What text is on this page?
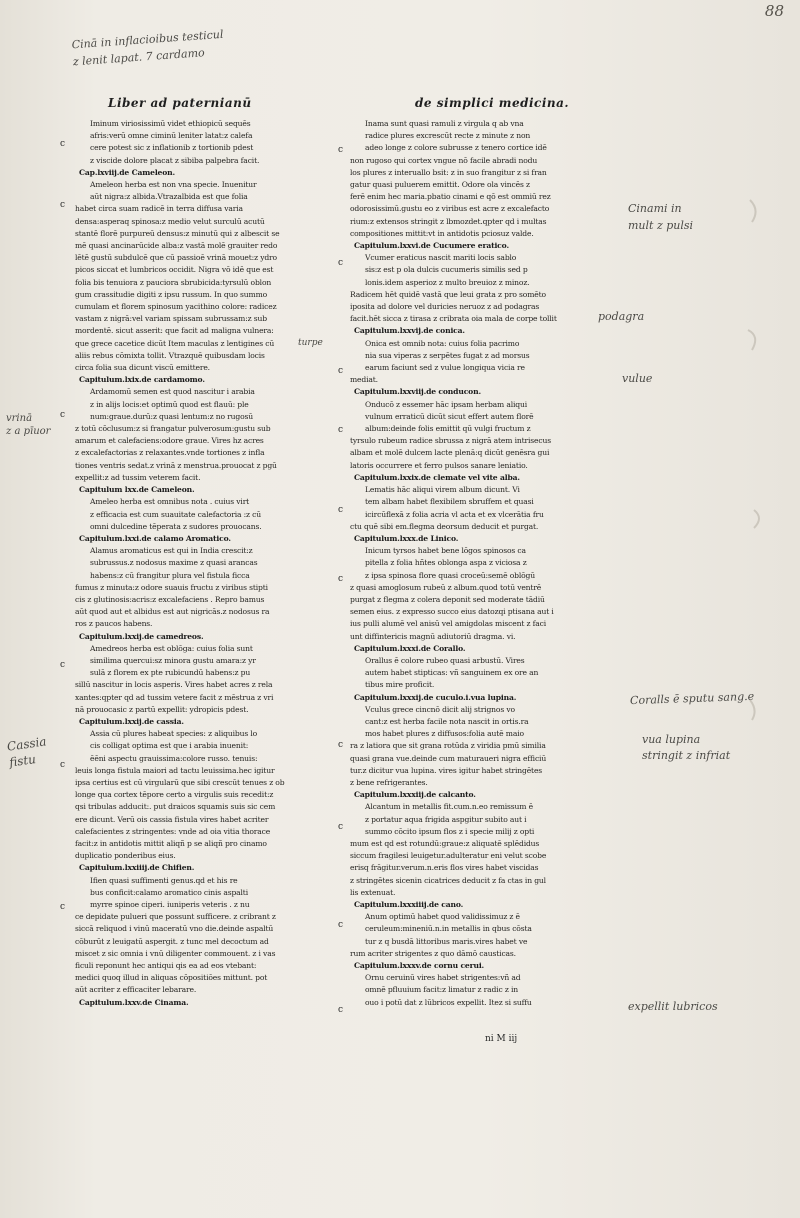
88
Cinā in inflacioibus testicul
z lenit lapat. 7 cardamo
Liber ad paternianū	de simplici medicina.
Iminum viriosissimū videt ethiopicū sequēs
afris:verū omne ciminū leniter latat:z calefa
cere potest sic z inflationib z tortionib pdest
z viscide dolore placat z sibiba palpebra facit.
Cap.lxviij.de Cameleon.
Ameleon herba est non vna specie. Inuenitur
aūt nigra:z albida.Vtrazalbida est que folia
habet circa suam radicē in terra diffusa varia
densa:asperaq spinosa:z medio velut surculū acutū
stantē florē purpureū densus:z minutū qui z albescit se
mē quasi ancinarūcide alba:z vastā molē grauiter redo
lētē gustū subdulcē que cū passioē vrinā mouet:z ydro
picos siccat et lumbricos occidit. Nigra vō idē que est
folia bis tenuiora z pauciora sbrubicida:tyrsulū oblon
gum crassitudie digiti z ipsu russum. In quo summo
cumulam et florem spinosum yacithino colore: radicez
vastam z nigrā:vel variam spissam subrussam:z sub
mordentē. sicut asserit: que facit ad maligna vulnera:
que grece cacetice dicūt Item maculas z lentigines cū
aliis rebus cōmixta tollit. Vtrazquē quibusdam locis
circa folia sua dicunt viscū emittere.
Capitulum.lxix.de cardamomo.
Ardamomū semen est quod nascitur i arabia
z in alijs locis:et optimū quod est flauū: ple
num:graue.durū:z quasi lentum:z no rugosū
z totū cōclusum:z si frangatur pulverosum:gustu sub
amarum et calefaciens:odore graue. Vires hz acres
z excalefactorias z relaxantes.vnde tortiones z infla
tiones ventris sedat.z vrinā z menstrua.prouocat z pgū
expellit:z ad tussim veterem facit.
Capitulum lxx.de Cameleon.
Ameleo herba est omnibus nota . cuius virt
z efficacia est cum suauitate calefactoria :z cū
omni dulcedine tēperata z sudores prouocans.
Capitulum.lxxi.de calamo Aromatico.
Alamus aromaticus est qui in India crescit:z
subrussus.z nodosus maxime z quasi arancas
habens:z cū frangitur plura vel fistula ficca
fumus z minuta:z odore suauis fructu z viribus stipti
cis z glutinosis:acris:z excalefaciens . Repro bamus
aūt quod aut et albidus est aut nigricās.z nodosus ra
ros z paucos habens.
Capitulum.lxxij.de camedreos.
Amedreos herba est oblōga: cuius folia sunt
similima quercui:sz minora gustu amara:z yr
sulā z florem ex pte rubicundū habens:z pu
sillū nascitur in locis asperis. Vires habet acres z rela
xantes:qpter qd ad tussim vetere facit z mēstrua z vri
nā prouocasic z partū expellit: ydropicis pdest.
Capitulum.lxxij.de cassia.
Assia cū plures habeat species: z aliquibus lo
cis colligat optima est que i arabia inuenit:
ēēni aspectu grauissima:colore russo. tenuis:
leuis longa fistula maiori ad tactu leuissima.hec igitur
ipsa certius est cū virgularū que sibi crescūt tenues z ob
longe qua cortex tēpore certo a virgulis suis recedit:z
qsi tribulas adducit:. put draicos squamis suis sic cem
ere dicunt. Verū ois cassia fistula vires habet acriter
calefacientes z stringentes: vnde ad oia vitia thorace
facit:z in antidotis mittit aliqñ p se aliqñ pro cinamo
duplicatio ponderibus eius.
Capitulum.lxxiiij.de Chifien.
Ifien quasi suffimenti genus.qd et his re
bus conficit:calamo aromatico cinis aspalti
myrre spinoe ciperi. iuniperis veteris . z nu
ce depidate pulueri que possunt sufficere. z cribrant z
siccā reliquod i vinū maceratū vno die.deinde aspaltū
cōburūt z leuigatū aspergit. z tunc mel decoctum ad
miscet z sic omnia i vnū diligenter commouent. z i vas
ficuli reponunt hec antiqui qis ea ad eos vtebant:
medici quoq illud in aliquas cōpositiōes mittunt. pot
aūt acriter z efficaciter lebarare.
Capitulum.lxxv.de Cinama.
Inama sunt quasi ramuli z virgula q ab vna
radice plures excrescūt recte z minute z non
adeo longe z colore subrusse z tenero cortice idē
non rugoso qui cortex vngue nō facile abradi nodu
los plures z interuallo bsit: z in suo frangitur z si fran
gatur quasi puluerem emittit. Odore ola vincēs z
ferē enim hec maria.pbatio cinami e qō est ommiū rez
odorosissimū.gustu eo z viribus est acre z excalefacto
rium:z extensos stringit z lbmozdet.qpter qd i multas
compositiones mittit:vt in antidotis pciosuz valde.
Capitulum.lxxvi.de Cucumere eratico.
Vcumer eraticus nascit mariti locis sablo
sis:z est p ola dulcis cucumeris similis sed p
lonis.idem asperioz z multo breuioz z minoz.
Radicem hēt quidē vastā que leui grata z pro somēto
iposita ad dolore vel duricies neruoz z ad podagras
facit.hēt sicca z tirasa z cribrata oia mala de corpe tollit
Capitulum.lxxvij.de conica.
Onica est omnib nota: cuius folia pacrimo
nia sua viperas z serpētes fugat z ad morsus
earum faciunt sed z vulue longiqua vicia re
mediat.
Capitulum.lxxviij.de conducon.
Onducō z essemer hāc ipsam herbam aliqui
vulnum erraticū dicūt sicut effert autem florē
album:deinde folis emittit qū vulgi fructum z
tyrsulo rubeum radice sbrussa z nigrā atem intrisecus
albam et molē dulcem lacte plenā:q dicūt genēsra gui
latoris occurrere et ferro pulsos sanare leniatio.
Capitulum.lxxix.de clemate vel vite alba.
Lematis hāc aliqui virem album dicunt. Vi
tem albam habet flexibilem sbruffem et quasi
icircūflexā z folia acria vl acta et ex vlcerātia fru
ctu quē sibi em.flegma deorsum deducit et purgat.
Capitulum.lxxx.de Linico.
Inicum tyrsos habet bene lōgos spinosos ca
pitella z folia hñtes oblonga aspa z viciosa z
z ipsa spinosa flore quasi croceū:semē oblōgū
z quasi amoglosum rubeū z album.quod totū ventrē
purgat z flegma z colera deponit sed moderate tādiū
semen eius. z expresso succo eius datozqi ptisana aut i
ius pulli alumē vel anisū vel amigdolas miscent z faci
unt diffintericis magnū adiutoriū dragma. vi.
Capitulum.lxxxi.de Corallo.
Orallus ē colore rubeo quasi arbustū. Vires
autem habet stipticas: vñ sanguinem ex ore an
tibus mire proficit.
Capitulum.lxxxij.de cuculo.i.vua lupina.
Vculus grece cincnō dicit alij strignos vo
cant:z est herba facile nota nascit in ortis.ra
mos habet plures z diffusos:folia autē maio
ra z latiora que sit grana rotūda z viridia pmū similia
quasi grana vue.deinde cum maturaueri nigra efficiū
tur.z dicitur vua lupina. vires igitur habet stringētes
z bene refrigerantes.
Capitulum.lxxxiij.de calcanto.
Alcantum in metallis fit.cum.n.eo remissum ē
z portatur aqua frigida aspgitur subito aut i
summo cōcito ipsum flos z i specie milij z opti
mum est qd est rotundū:graue:z aliquatē splēdidus
siccum fragilesi leuigetur.adulteratur eni velut scobe
erisq frāgitur.verum.n.eris flos vires habet viscidas
z stringētes sicenin cicatrices deducit z fa ctas in gul
lis extenuat.
Capitulum.lxxxiiij.de cano.
Anum optimū habet quod validissimuz z ē
ceruleum:mineniū.n.in metallis in qbus cōsta
tur z q busdā littoribus maris.vires habet ve
rum acriter strigentes z quo dāmō causticas.
Capitulum.lxxxv.de cornu cerui.
Ornu ceruinū vires habet strigentes:vñ ad
omnē pfluuium facit:z limatur z radic z in
ouo i potū dat z lūbricos expellit. Itez si suffu
c
c
c
c
c
c
c
c
c
c
c
c
c
c
c
c
turpe
vrinā
z a pīuor
Cassia
fistu
Cinami in
mult z pulsi
podagra
vulue
Coralls ē sputu sang.e
vua lupina
stringit z infriat
expellit lubricos
ni M iij
